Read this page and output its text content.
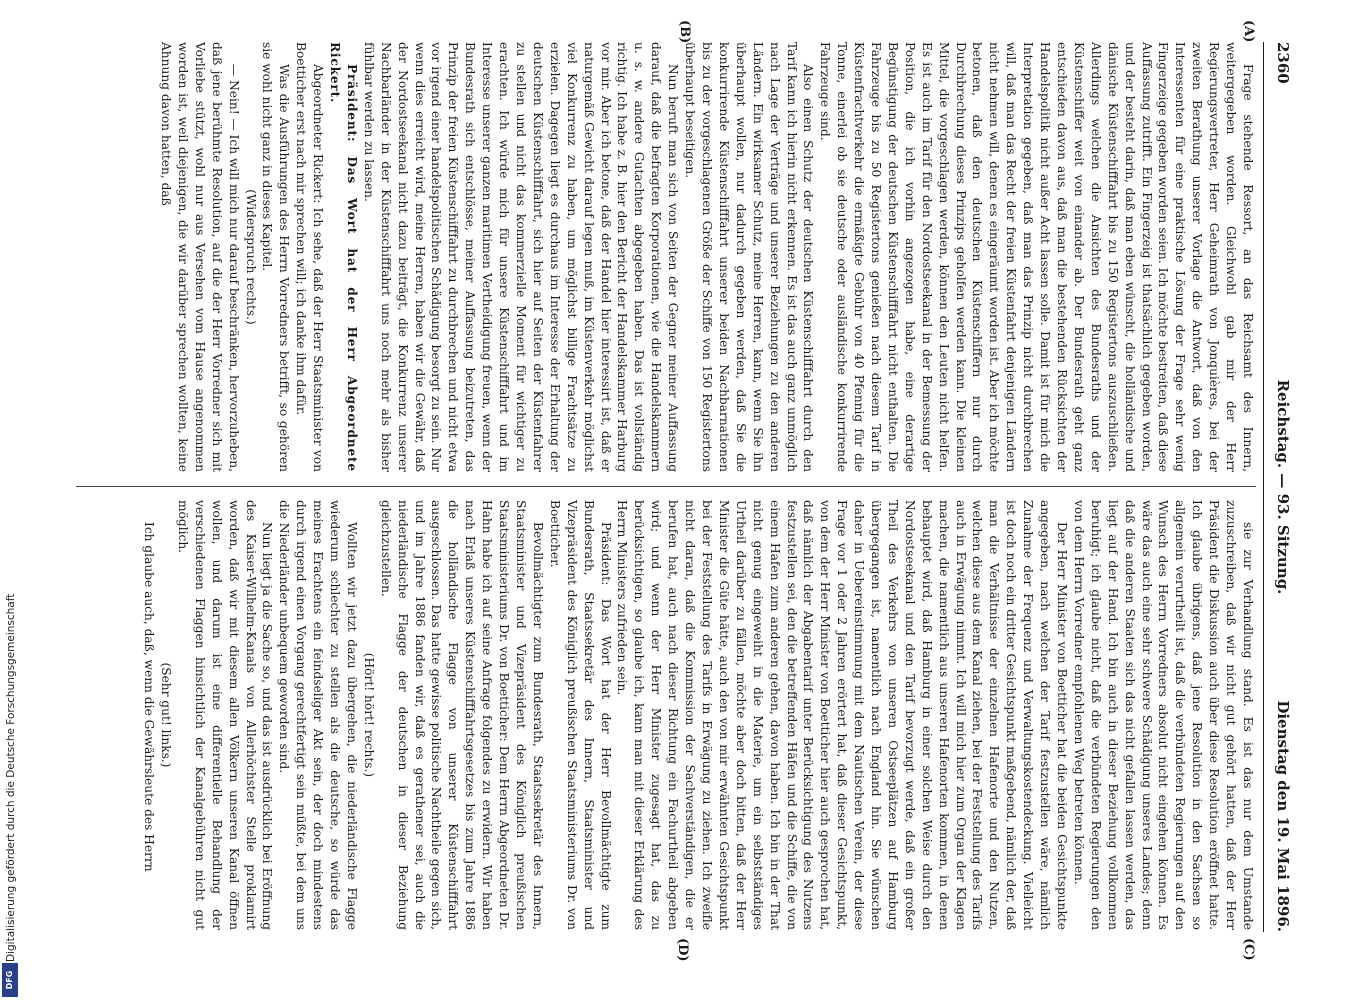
2360
Reichstag. — 93. Sitzung.
Dienstag den 19. Mai 1896.
(A)
(B)
(C)
(D)

Frage stehende Ressort, an das Reichsamt des Innern, weitergegeben worden. Gleichwohl gab mir der Herr Regierungsvertreter, Herr Geheimrath von Jonquières, bei der zweiten Berathung unserer Vorlage die Antwort, daß von den Interessenten für eine praktische Lösung der Frage sehr wenig Fingerzeige gegeben worden seien. Ich möchte bestreiten, daß diese Auffassung zutrifft. Ein Fingerzeig ist thatsächlich gegeben worden, und der besteht darin, daß man eben wünscht, die holländische und dänische Küstenschifffahrt bis zu 150 Registertons auszuschließen. Allerdings welchen die Ansichten des Bundesraths und der Küstenschiffer weit von einander ab. Der Bundesrath geht ganz entschieden davon aus, daß man die bestehenden Rücksichten der Handelspolitik nicht außer Acht lassen solle. Damit ist für mich die Interpretation gegeben, daß man das Prinzip nicht durchbrechen will, daß man das Recht der freien Küstenfahrt denjenigen Ländern nicht nehmen will, denen es eingeräumt worden ist. Aber ich möchte betonen, daß den deutschen Küstenschiffern nur durch Durchbrechung dieses Prinzips geholfen werden kann. Die kleinen Mittel, die vorgeschlagen werden, können den Leuten nicht helfen. Es ist auch im Tarif für den Nordostseekanal in der Bemessung der Position, die ich vorhin angezogen habe, eine derartige Begünstigung der deutschen Küstenschifffahrt nicht enthalten. Die Fahrzeuge bis zu 50 Registertons genießen nach diesem Tarif in Küstenfrachtverkehr die ermäßigte Gebühr von 40 Pfennig für die Tonne, einerlei ob sie deutsche oder ausländische konkurrirende Fahrzeuge sind.

Also einen Schutz der deutschen Küstenschifffahrt durch den Tarif kann ich hierin nicht erkennen. Es ist das auch ganz unmöglich nach Lage der Verträge und unserer Beziehungen zu den anderen Ländern. Ein wirksamer Schutz, meine Herren, kann, wenn Sie ihn überhaupt wollen, nur dadurch gegeben werden, daß Sie die konkurrirende Küstenschifffahrt unserer beiden Nachbarnationen bis zu der vorgeschlagenen Größe der Schiffe von 150 Registertons überhaupt beseitigen.

Nun beruft man sich von Seiten der Gegner meiner Auffassung darauf, daß die befragten Korporationen, wie die Handelskammern u. s. w. andere Gutachten abgegeben haben. Das ist vollständig richtig. Ich habe z. B. hier den Bericht der Handelskammer Harburg vor mir. Aber ich betone, daß der Handel hier interessirt ist, daß er naturgemäß Gewicht darauf legen muß, im Küstenverkehr möglichst viel Konkurrenz zu haben, um möglichst billige Frachtsätze zu erzielen. Dagegen liegt es durchaus im Interesse der Erhaltung der deutschen Küstenschifffahrt, sich hier auf Seiten der Küstenfahrer zu stellen und nicht das kommerzielle Moment für wichtiger zu erachten. Ich würde mich für unsere Küstenschifffahrt und im Interesse unserer ganzen maritimen Vertheidigung freuen, wenn der Bundesrath sich entschlösse, meiner Auffassung beizutreten, das Prinzip der freien Küstenschifffahrt zu durchbrechen und nicht etwa vor irgend einer handelspolitischen Schädigung besorgt zu sein. Nur wenn dies erreicht wird, meine Herren, haben wir die Gewähr, daß der Nordostseekanal nicht dazu beiträgt, die Konkurrenz unserer Nachbarländer in der Küstenschifffahrt uns noch mehr als bisher fühlbar werden zu lassen.

Präsident: Das Wort hat der Herr Abgeordnete Rickert.

Abgeordneter Rickert: Ich sehe, daß der Herr Staatsminister von Boetticher erst nach mir sprechen will; ich danke ihm dafür.

Was die Ausführungen des Herrn Vorredners betrifft, so gehören sie wohl nicht ganz in dieses Kapitel.

(Widerspruch rechts.)

— Nein! — Ich will mich nur darauf beschränken, hervorzuheben, daß jene berühmte Resolution, auf die der Herr Vorredner sich mit Vorliebe stützt, wohl nur aus Versehen vom Hause angenommen worden ist, weil diejenigen, die wir darüber sprechen wollten, keine Ahnung davon hatten, daß

sie zur Verhandlung stand. Es ist das nur dem Umstande zuzuschreiben, daß wir nicht gut gehört hatten, daß der Herr Präsident die Diskussion auch über diese Resolution eröffnet hatte. Ich glaube übrigens, daß jene Resolution in den Sachsen so allgemein verurtheilt ist, daß die verbündeten Regierungen auf den Wunsch des Herrn Vorredners absolut nicht eingehen können. Es wäre das auch eine sehr schwere Schädigung unseres Landes; denn daß die anderen Staaten sich das nicht gefallen lassen werden, das liegt auf der Hand. Ich bin auch in dieser Beziehung vollkommen beruhigt; ich glaube nicht, daß die verbündeten Regierungen den von dem Herrn Vorredner empfohlenen Weg betreten können.

Der Herr Minister von Boetticher hat die beiden Gesichtspunkte angegeben, nach welchen der Tarif festzustellen wäre, nämlich Zunahme der Frequenz und Verwaltungskostendeckung. Vielleicht ist doch noch ein dritter Gesichtspunkt maßgebend, nämlich der, daß man die Verhältnisse der einzelnen Hafenorte und den Nutzen, welchen diese aus dem Kanal ziehen, bei der Feststellung des Tarifs auch in Erwägung nimmt. Ich will mich hier zum Organ der Klagen machen, die namentlich aus unseren Hafenorten kommen, in denen behauptet wird, daß Hamburg in einer solchen Weise durch den Nordostseekanal und den Tarif bevorzugt werde, daß ein großer Theil des Verkehrs von unseren Ostseeplätzen auf Hamburg übergegangen ist, namentlich nach England hin. Sie wünschen daher in Uebereinstimmung mit dem Nautischen Verein, der diese Frage vor 1 oder 2 Jahren erörtert hat, daß dieser Gesichtspunkt, von dem der Herr Minister von Boetticher hier auch gesprochen hat, daß nämlich der Abgabentarif unter Berücksichtigung des Nutzens festzustellen sei, den die betreffenden Häfen und die Schiffe, die von einem Hafen zum anderen gehen, davon haben. Ich bin in der That nicht genug eingeweiht in die Materie, um ein selbstständiges Urtheil darüber zu fällen, möchte aber doch bitten, daß der Herr Minister die Güte hätte, auch den von mir erwähnten Gesichtspunkt bei der Feststellung des Tarifs in Erwägung zu ziehen. Ich zweifle nicht daran, daß die Kommission der Sachverständigen, die er berufen hat, auch nach dieser Richtung ein Fachurtheil abgeben wird; und wenn der Herr Minister zugesagt hat, das zu berücksichtigen, so glaube ich, kann man mit dieser Erklärung des Herrn Ministers zufrieden sein.

Präsident: Das Wort hat der Herr Bevollmächtigte zum Bundesrath, Staatssekretär des Innern, Staatsminister und Vizepräsident des Königlich preußischen Staatsministeriums Dr. von Boetticher.

Bevollmächtigter zum Bundesrath, Staatssekretär des Innern, Staatsminister und Vizepräsident des Königlich preußischen Staatsministeriums Dr. von Boetticher: Dem Herrn Abgeordneten Dr. Hahn habe ich auf seine Anfrage folgendes zu erwidern. Wir haben nach Erlaß unseres Küstenschifffahrtsgesetzes bis zum Jahre 1886 die holländische Flagge von unserer Küstenschifffahrt ausgeschlossen. Das hatte gewisse politische Nachtheile gegen sich, und im Jahre 1886 fanden wir, daß es gerathener sei, auch die niederländische Flagge der deutschen in dieser Beziehung gleichzustellen.

(Hört! hört! rechts.)

Wollten wir jetzt dazu übergehen, die niederländische Flagge wiederum schlechter zu stellen als die deutsche, so würde das meines Erachtens ein feindseliger Akt sein, der doch mindestens durch irgend einen Vorgang gerechtfertigt sein müßte, bei dem uns die Niederländer unbequem geworden sind.

Nun liegt ja die Sache so, und das ist ausdrücklich bei Eröffnung des Kaiser-Wilhelm-Kanals von Allerhöchster Stelle proklamirt worden, daß wir mit diesem allen Völkern unseren Kanal öffnen wollen, und darum ist eine differentielle Behandlung der verschiedenen Flaggen hinsichtlich der Kanalgebühren nicht gut möglich.

(Sehr gut! links.)

Ich glaube auch, daß, wenn die Gewährsleute des Herrn

Digitalisierung gefördert durch die Deutsche Forschungsgemeinschaft
DFG
